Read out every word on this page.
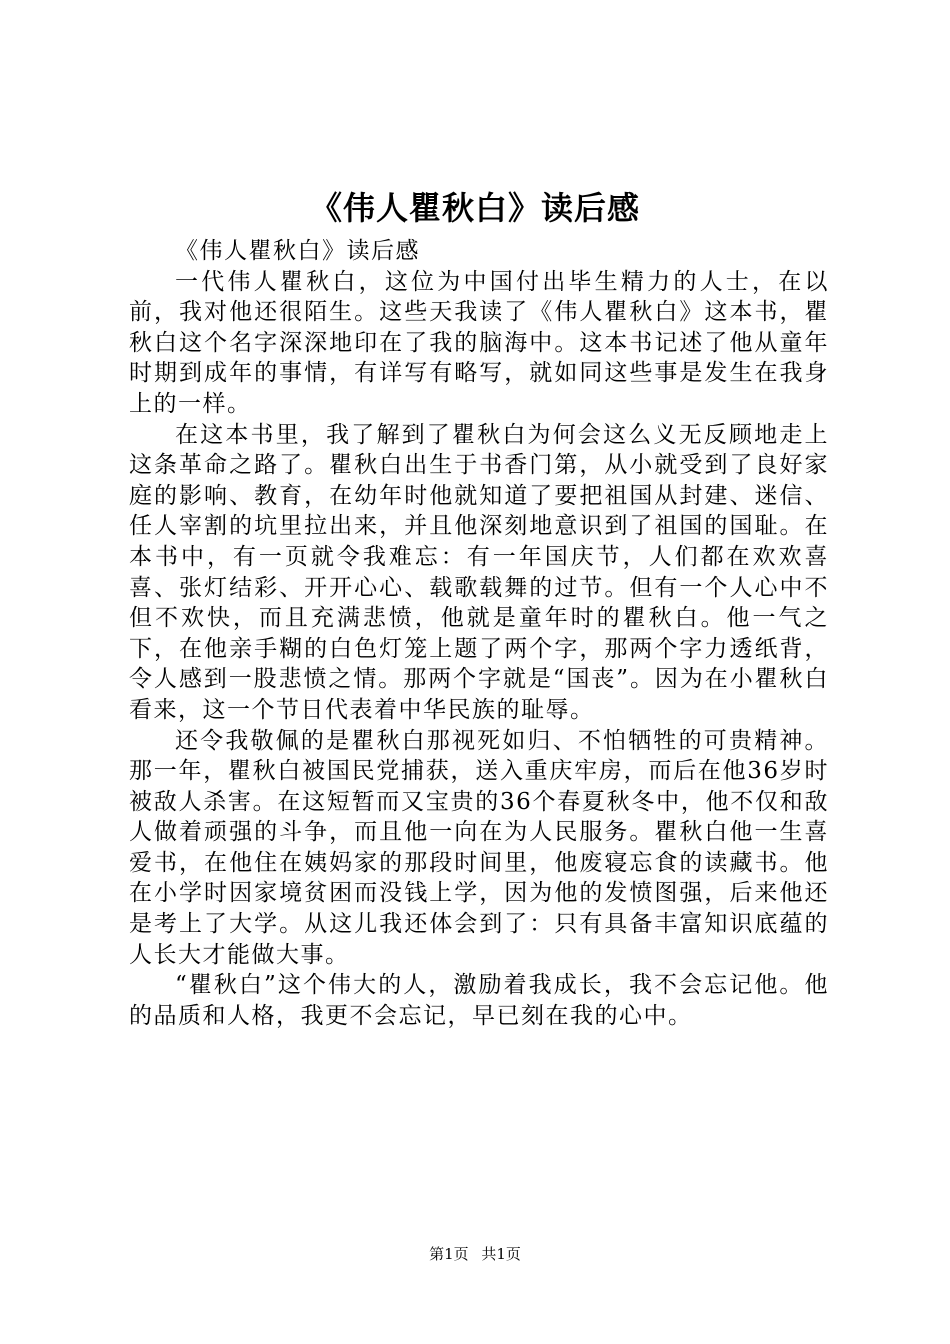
《伟人瞿秋白》读后感

《伟人瞿秋白》读后感

一代伟人瞿秋白，这位为中国付出毕生精力的人士，在以前，我对他还很陌生。这些天我读了《伟人瞿秋白》这本书，瞿秋白这个名字深深地印在了我的脑海中。这本书记述了他从童年时期到成年的事情，有详写有略写，就如同这些事是发生在我身上的一样。

在这本书里，我了解到了瞿秋白为何会这么义无反顾地走上这条革命之路了。瞿秋白出生于书香门第，从小就受到了良好家庭的影响、教育，在幼年时他就知道了要把祖国从封建、迷信、任人宰割的坑里拉出来，并且他深刻地意识到了祖国的国耻。在本书中，有一页就令我难忘：有一年国庆节，人们都在欢欢喜喜、张灯结彩、开开心心、载歌载舞的过节。但有一个人心中不但不欢快，而且充满悲愤，他就是童年时的瞿秋白。他一气之下，在他亲手糊的白色灯笼上题了两个字，那两个字力透纸背，令人感到一股悲愤之情。那两个字就是“国丧”。因为在小瞿秋白看来，这一个节日代表着中华民族的耻辱。

还令我敬佩的是瞿秋白那视死如归、不怕牺牲的可贵精神。那一年，瞿秋白被国民党捕获，送入重庆牢房，而后在他36岁时被敌人杀害。在这短暂而又宝贵的36个春夏秋冬中，他不仅和敌人做着顽强的斗争，而且他一向在为人民服务。瞿秋白他一生喜爱书，在他住在姨妈家的那段时间里，他废寝忘食的读藏书。他在小学时因家境贫困而没钱上学，因为他的发愤图强，后来他还是考上了大学。从这儿我还体会到了：只有具备丰富知识底蕴的人长大才能做大事。

“瞿秋白”这个伟大的人，激励着我成长，我不会忘记他。他的品质和人格，我更不会忘记，早已刻在我的心中。

第1页 共1页
